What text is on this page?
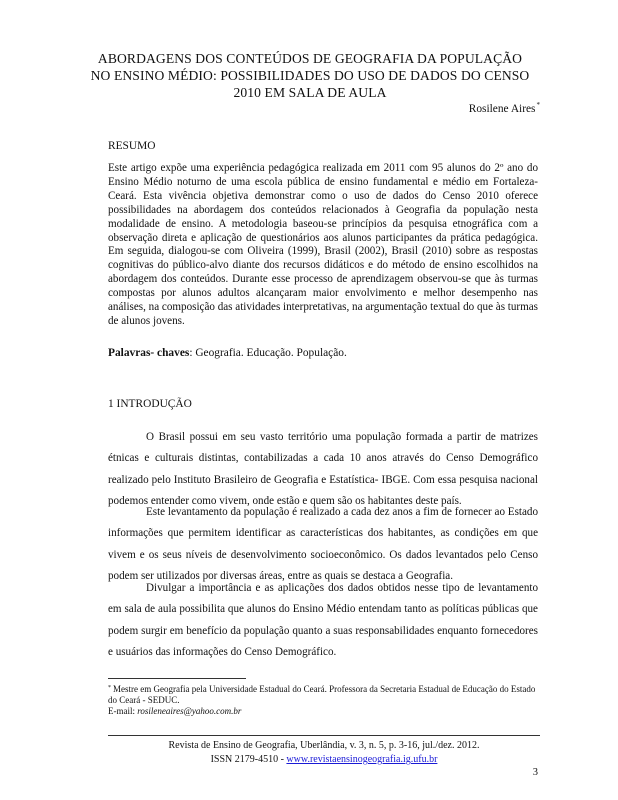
ABORDAGENS DOS CONTEÚDOS DE GEOGRAFIA DA POPULAÇÃO NO ENSINO MÉDIO: POSSIBILIDADES DO USO DE DADOS DO CENSO 2010 EM SALA DE AULA
Rosilene Aires*
RESUMO

Este artigo expõe uma experiência pedagógica realizada em 2011 com 95 alunos do 2º ano do Ensino Médio noturno de uma escola pública de ensino fundamental e médio em Fortaleza-Ceará. Esta vivência objetiva demonstrar como o uso de dados do Censo 2010 oferece possibilidades na abordagem dos conteúdos relacionados à Geografia da população nesta modalidade de ensino. A metodologia baseou-se princípios da pesquisa etnográfica com a observação direta e aplicação de questionários aos alunos participantes da prática pedagógica. Em seguida, dialogou-se com Oliveira (1999), Brasil (2002), Brasil (2010) sobre as respostas cognitivas do público-alvo diante dos recursos didáticos e do método de ensino escolhidos na abordagem dos conteúdos. Durante esse processo de aprendizagem observou-se que às turmas compostas por alunos adultos alcançaram maior envolvimento e melhor desempenho nas análises, na composição das atividades interpretativas, na argumentação textual do que às turmas de alunos jovens.

Palavras- chaves: Geografia. Educação. População.
1 INTRODUÇÃO

O Brasil possui em seu vasto território uma população formada a partir de matrizes étnicas e culturais distintas, contabilizadas a cada 10 anos através do Censo Demográfico realizado pelo Instituto Brasileiro de Geografia e Estatística- IBGE. Com essa pesquisa nacional podemos entender como vivem, onde estão e quem são os habitantes deste país.

Este levantamento da população é realizado a cada dez anos a fim de fornecer ao Estado informações que permitem identificar as características dos habitantes, as condições em que vivem e os seus níveis de desenvolvimento socioeconômico. Os dados levantados pelo Censo podem ser utilizados por diversas áreas, entre as quais se destaca a Geografia.

Divulgar a importância e as aplicações dos dados obtidos nesse tipo de levantamento em sala de aula possibilita que alunos do Ensino Médio entendam tanto as políticas públicas que podem surgir em benefício da população quanto a suas responsabilidades enquanto fornecedores e usuários das informações do Censo Demográfico.

* Mestre em Geografia pela Universidade Estadual do Ceará. Professora da Secretaria Estadual de Educação do Estado do Ceará - SEDUC.
E-mail: rosileneaires@yahoo.com.br

Revista de Ensino de Geografia, Uberlândia, v. 3, n. 5, p. 3-16, jul./dez. 2012.
ISSN 2179-4510 - www.revistaensinogeografia.ig.ufu.br
3
